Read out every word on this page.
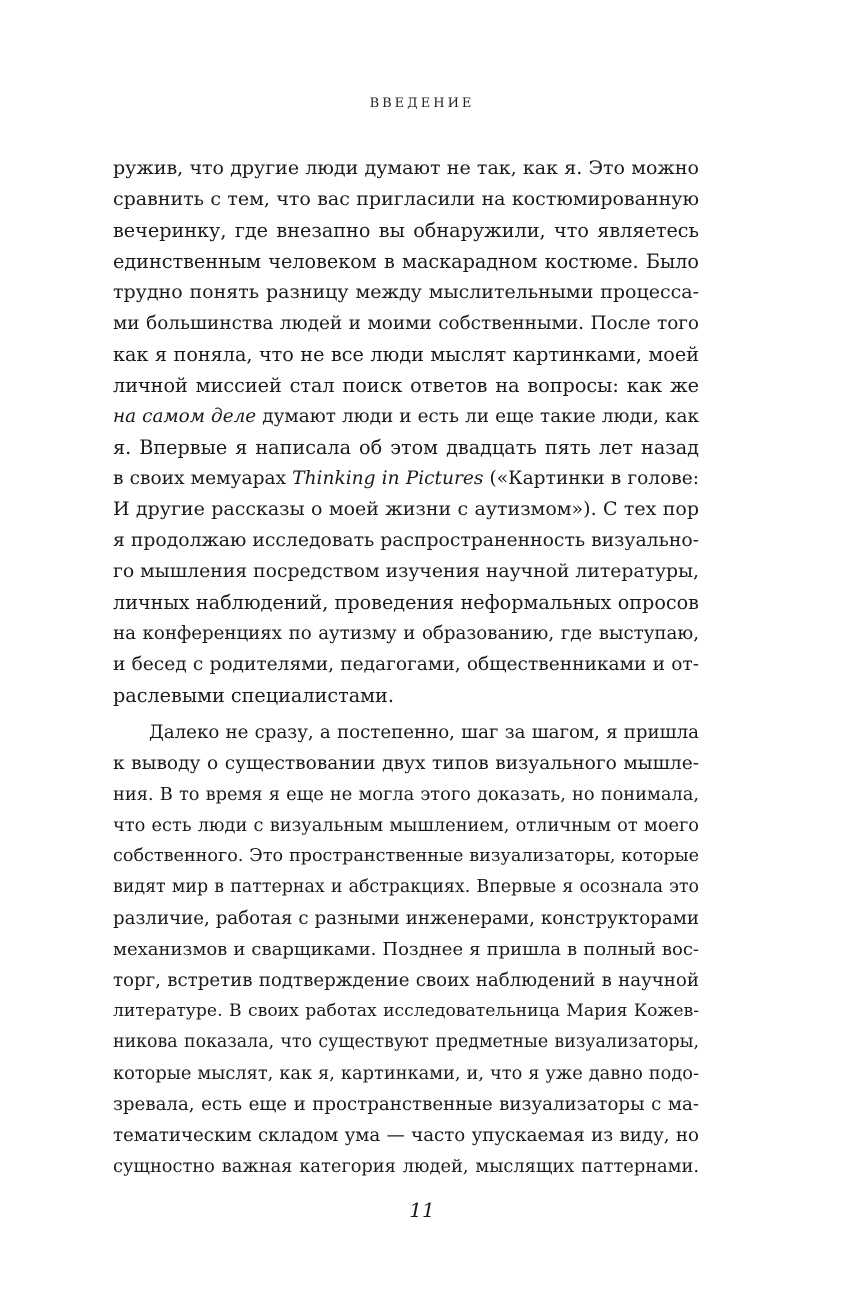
ВВЕДЕНИЕ
ружив, что другие люди думают не так, как я. Это можно
сравнить с тем, что вас пригласили на костюмированную
вечеринку, где внезапно вы обнаружили, что являетесь
единственным человеком в маскарадном костюме. Было
трудно понять разницу между мыслительными процесса-
ми большинства людей и моими собственными. После того
как я поняла, что не все люди мыслят картинками, моей
личной миссией стал поиск ответов на вопросы: как же
на самом деле думают люди и есть ли еще такие люди, как
я. Впервые я написала об этом двадцать пять лет назад
в своих мемуарах Thinking in Pictures («Картинки в голове:
И другие рассказы о моей жизни с аутизмом»). С тех пор
я продолжаю исследовать распространенность визуально-
го мышления посредством изучения научной литературы,
личных наблюдений, проведения неформальных опросов
на конференциях по аутизму и образованию, где выступаю,
и бесед с родителями, педагогами, общественниками и от-
раслевыми специалистами.
Далеко не сразу, а постепенно, шаг за шагом, я пришла
к выводу о существовании двух типов визуального мышле-
ния. В то время я еще не могла этого доказать, но понимала,
что есть люди с визуальным мышлением, отличным от моего
собственного. Это пространственные визуализаторы, которые
видят мир в паттернах и абстракциях. Впервые я осознала это
различие, работая с разными инженерами, конструкторами
механизмов и сварщиками. Позднее я пришла в полный вос-
торг, встретив подтверждение своих наблюдений в научной
литературе. В своих работах исследовательница Мария Кожев-
никова показала, что существуют предметные визуализаторы,
которые мыслят, как я, картинками, и, что я уже давно подо-
зревала, есть еще и пространственные визуализаторы с ма-
тематическим складом ума — часто упускаемая из виду, но
сущностно важная категория людей, мыслящих паттернами.
11
